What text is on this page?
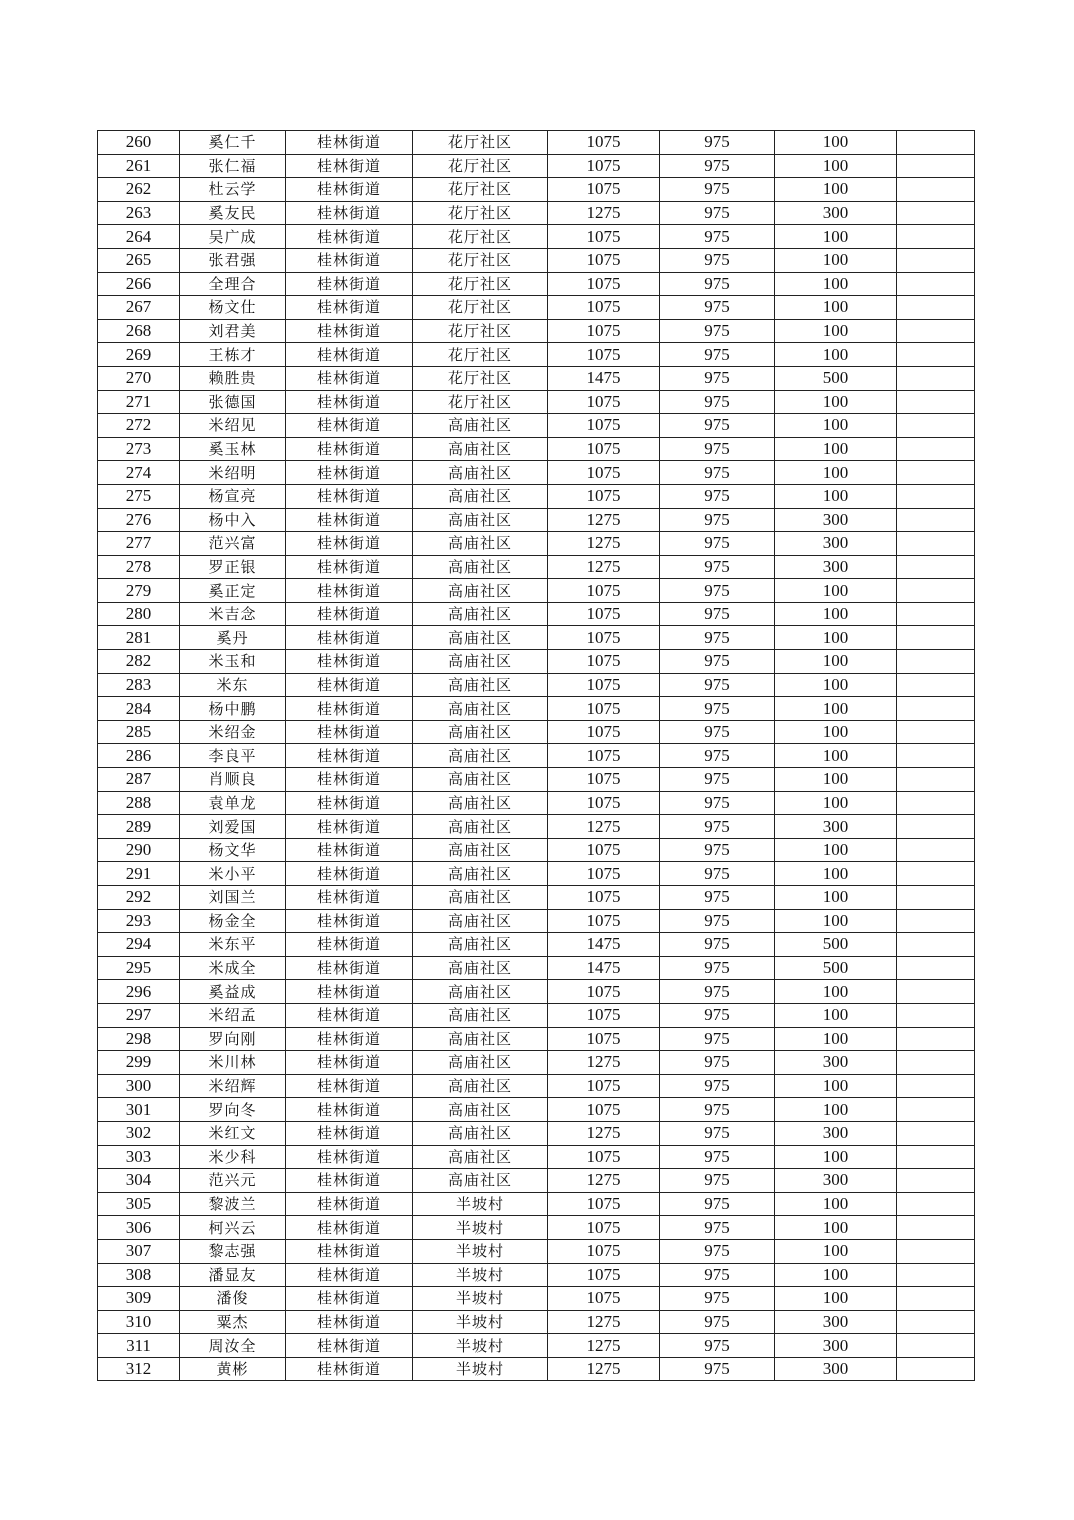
260	奚仁千	桂林街道	花厅社区	1075	975	100	
261	张仁福	桂林街道	花厅社区	1075	975	100	
262	杜云学	桂林街道	花厅社区	1075	975	100	
263	奚友民	桂林街道	花厅社区	1275	975	300	
264	吴广成	桂林街道	花厅社区	1075	975	100	
265	张君强	桂林街道	花厅社区	1075	975	100	
266	全理合	桂林街道	花厅社区	1075	975	100	
267	杨文仕	桂林街道	花厅社区	1075	975	100	
268	刘君美	桂林街道	花厅社区	1075	975	100	
269	王栋才	桂林街道	花厅社区	1075	975	100	
270	赖胜贵	桂林街道	花厅社区	1475	975	500	
271	张德国	桂林街道	花厅社区	1075	975	100	
272	米绍见	桂林街道	高庙社区	1075	975	100	
273	奚玉林	桂林街道	高庙社区	1075	975	100	
274	米绍明	桂林街道	高庙社区	1075	975	100	
275	杨宣亮	桂林街道	高庙社区	1075	975	100	
276	杨中入	桂林街道	高庙社区	1275	975	300	
277	范兴富	桂林街道	高庙社区	1275	975	300	
278	罗正银	桂林街道	高庙社区	1275	975	300	
279	奚正定	桂林街道	高庙社区	1075	975	100	
280	米吉念	桂林街道	高庙社区	1075	975	100	
281	奚丹	桂林街道	高庙社区	1075	975	100	
282	米玉和	桂林街道	高庙社区	1075	975	100	
283	米东	桂林街道	高庙社区	1075	975	100	
284	杨中鹏	桂林街道	高庙社区	1075	975	100	
285	米绍金	桂林街道	高庙社区	1075	975	100	
286	李良平	桂林街道	高庙社区	1075	975	100	
287	肖顺良	桂林街道	高庙社区	1075	975	100	
288	袁单龙	桂林街道	高庙社区	1075	975	100	
289	刘爱国	桂林街道	高庙社区	1275	975	300	
290	杨文华	桂林街道	高庙社区	1075	975	100	
291	米小平	桂林街道	高庙社区	1075	975	100	
292	刘国兰	桂林街道	高庙社区	1075	975	100	
293	杨金全	桂林街道	高庙社区	1075	975	100	
294	米东平	桂林街道	高庙社区	1475	975	500	
295	米成全	桂林街道	高庙社区	1475	975	500	
296	奚益成	桂林街道	高庙社区	1075	975	100	
297	米绍孟	桂林街道	高庙社区	1075	975	100	
298	罗向刚	桂林街道	高庙社区	1075	975	100	
299	米川林	桂林街道	高庙社区	1275	975	300	
300	米绍辉	桂林街道	高庙社区	1075	975	100	
301	罗向冬	桂林街道	高庙社区	1075	975	100	
302	米红文	桂林街道	高庙社区	1275	975	300	
303	米少科	桂林街道	高庙社区	1075	975	100	
304	范兴元	桂林街道	高庙社区	1275	975	300	
305	黎波兰	桂林街道	半坡村	1075	975	100	
306	柯兴云	桂林街道	半坡村	1075	975	100	
307	黎志强	桂林街道	半坡村	1075	975	100	
308	潘显友	桂林街道	半坡村	1075	975	100	
309	潘俊	桂林街道	半坡村	1075	975	100	
310	粟杰	桂林街道	半坡村	1275	975	300	
311	周汝全	桂林街道	半坡村	1275	975	300	
312	黄彬	桂林街道	半坡村	1275	975	300	
